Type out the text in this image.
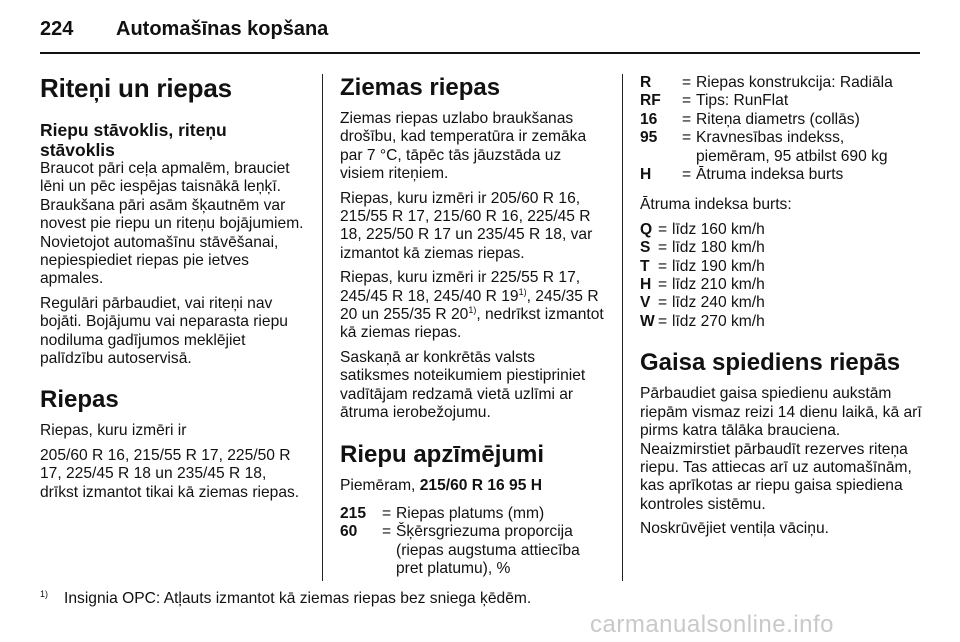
224 Automašīnas kopšana
Riteņi un riepas
Riepu stāvoklis, riteņu stāvoklis

Braucot pāri ceļa apmalēm, brauciet lēni un pēc iespējas taisnākā leņķī. Braukšana pāri asām šķautnēm var novest pie riepu un riteņu bojājumiem. Novietojot automašīnu stāvēšanai, nepiespiediet riepas pie ietves apmales.

Regulāri pārbaudiet, vai riteņi nav bojāti. Bojājumu vai neparasta riepu nodiluma gadījumos meklējiet palīdzību autoservisā.

Riepas

Riepas, kuru izmēri ir

205/60 R 16, 215/55 R 17, 225/50 R 17, 225/45 R 18 un 235/45 R 18, drīkst izmantot tikai kā ziemas riepas.

Ziemas riepas

Ziemas riepas uzlabo braukšanas drošību, kad temperatūra ir zemāka par 7 °C, tāpēc tās jāuzstāda uz visiem riteņiem.

Riepas, kuru izmēri ir 205/60 R 16, 215/55 R 17, 215/60 R 16, 225/45 R 18, 225/50 R 17 un 235/45 R 18, var izmantot kā ziemas riepas.

Riepas, kuru izmēri ir 225/55 R 17, 245/45 R 18, 245/40 R 19$^{1)}$, 245/35 R 20 un 255/35 R 20$^{1)}$, nedrīkst izmantot kā ziemas riepas.

Saskaņā ar konkrētās valsts satiksmes noteikumiem piestipriniet vadītājam redzamā vietā uzlīmi ar ātruma ierobežojumu.

Riepu apzīmējumi

Piemēram, 215/60 R 16 95 H

215	= Riepas platums (mm)
60	= Šķērsgriezuma proporcija (riepas augstuma attiecība pret platumu), %
R	= Riepas konstrukcija: Radiāla
RF	= Tips: RunFlat
16	= Riteņa diametrs (collās)
95	= Kravnesības indekss, piemēram, 95 atbilst 690 kg
H	= Ātruma indeksa burts

Ātruma indeksa burts:

Q = līdz 160 km/h
S = līdz 180 km/h
T = līdz 190 km/h
H = līdz 210 km/h
V = līdz 240 km/h
W = līdz 270 km/h
Gaisa spiediens riepās

Pārbaudiet gaisa spiedienu aukstām riepām vismaz reizi 14 dienu laikā, kā arī pirms katra tālāka brauciena. Neaizmirstiet pārbaudīt rezerves riteņa riepu. Tas attiecas arī uz automašīnām, kas aprīkotas ar riepu gaisa spiediena kontroles sistēmu.

Noskrūvējiet ventiļa vāciņu.

$^{1)}$ Insignia OPC: Atļauts izmantot kā ziemas riepas bez sniega ķēdēm.
carmanualsonline.info
